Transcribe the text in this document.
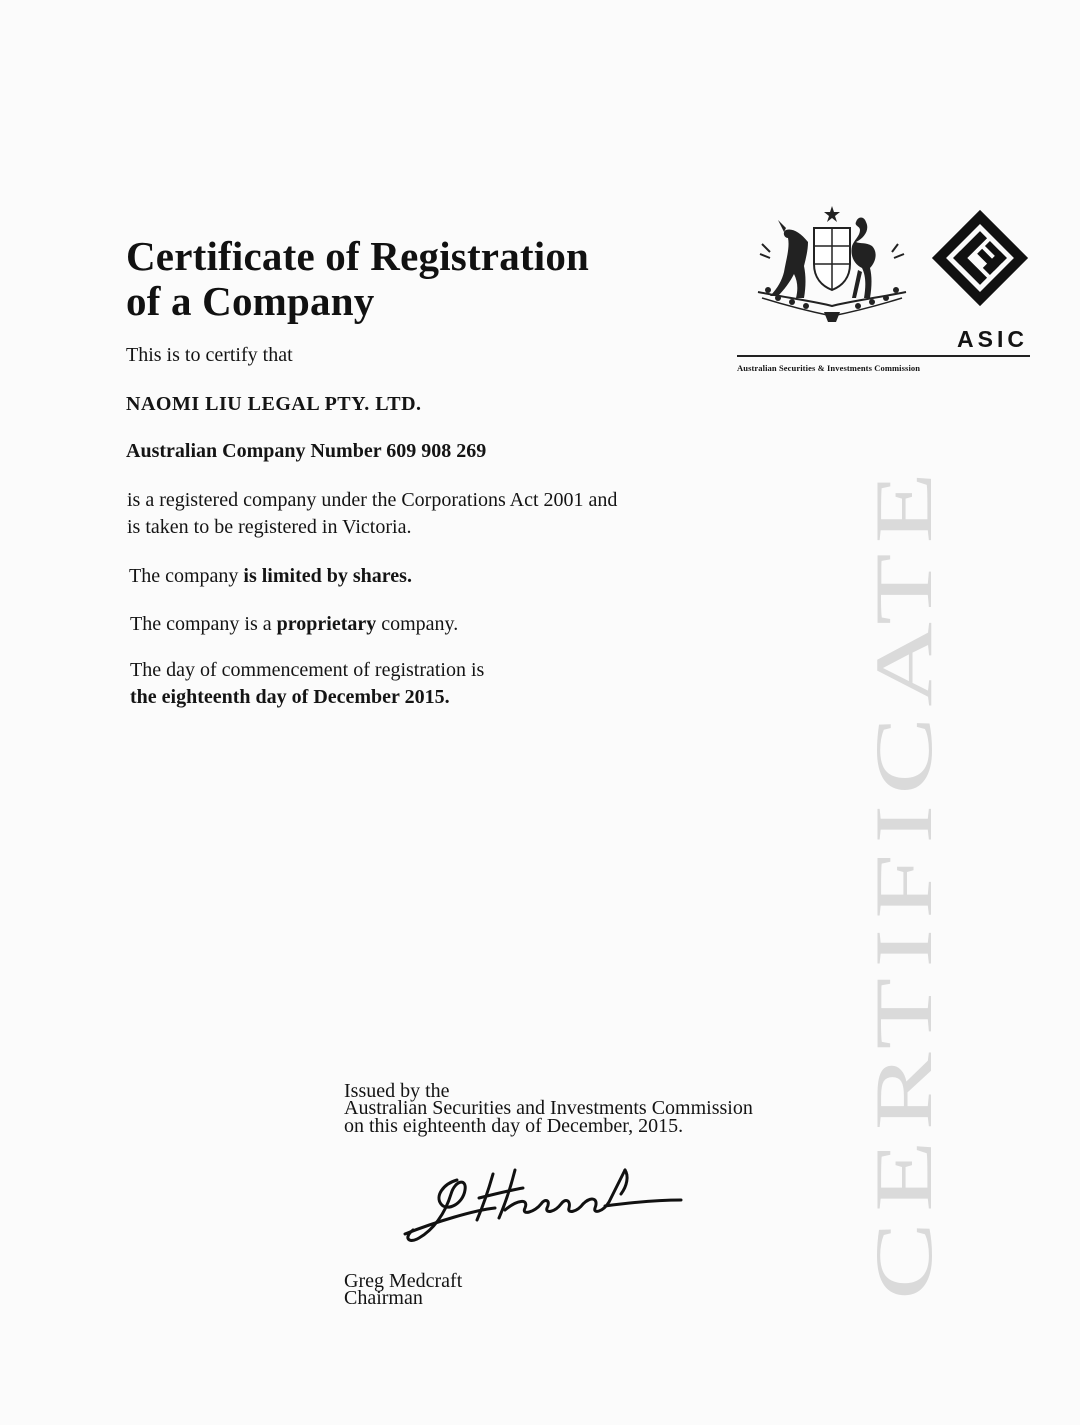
CERTIFICATE
Certificate of Registration
of a Company

This is to certify that

NAOMI LIU LEGAL PTY. LTD.

Australian Company Number 609 908 269

is a registered company under the Corporations Act 2001 and
is taken to be registered in Victoria.

The company is limited by shares.

The company is a proprietary company.

The day of commencement of registration is
the eighteenth day of December 2015.

Issued by the

Australian Securities and Investments Commission

on this eighteenth day of December, 2015.

Greg Medcraft

Chairman

ASIC
Australian Securities & Investments Commission
